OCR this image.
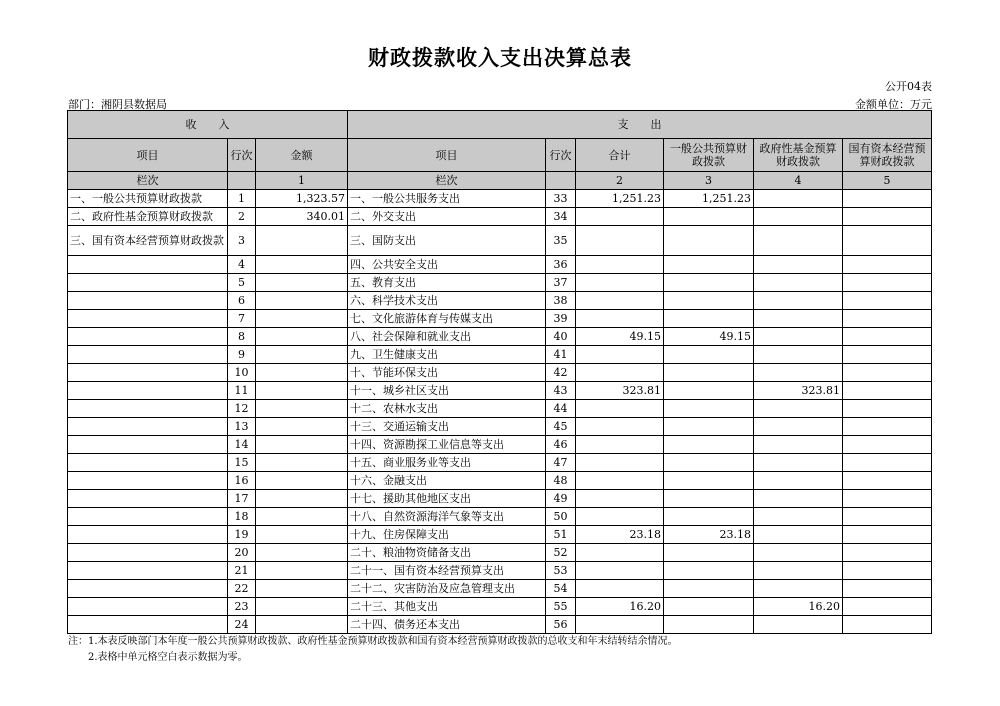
财政拨款收入支出决算总表
公开04表
部门：湘阴县数据局	金额单位：万元
收　　入			支　　出					
项目	行次	金额	项目	行次	合计	一般公共预算财政拨款	政府性基金预算财政拨款	国有资本经营预算财政拨款
栏次		1	栏次		2	3	4	5
一、一般公共预算财政拨款	1	1,323.57	一、一般公共服务支出	33	1,251.23	1,251.23		
二、政府性基金预算财政拨款	2	340.01	二、外交支出	34				
三、国有资本经营预算财政拨款	3		三、国防支出	35				
	4		四、公共安全支出	36				
	5		五、教育支出	37				
	6		六、科学技术支出	38				
	7		七、文化旅游体育与传媒支出	39				
	8		八、社会保障和就业支出	40	49.15	49.15		
	9		九、卫生健康支出	41				
	10		十、节能环保支出	42				
	11		十一、城乡社区支出	43	323.81		323.81	
	12		十二、农林水支出	44				
	13		十三、交通运输支出	45				
	14		十四、资源勘探工业信息等支出	46				
	15		十五、商业服务业等支出	47				
	16		十六、金融支出	48				
	17		十七、援助其他地区支出	49				
	18		十八、自然资源海洋气象等支出	50				
	19		十九、住房保障支出	51	23.18	23.18		
	20		二十、粮油物资储备支出	52				
	21		二十一、国有资本经营预算支出	53				
	22		二十二、灾害防治及应急管理支出	54				
	23		二十三、其他支出	55	16.20		16.20	
	24		二十四、债务还本支出	56				
注：1.本表反映部门本年度一般公共预算财政拨款、政府性基金预算财政拨款和国有资本经营预算财政拨款的总收支和年末结转结余情况。
　　2.表格中单元格空白表示数据为零。
